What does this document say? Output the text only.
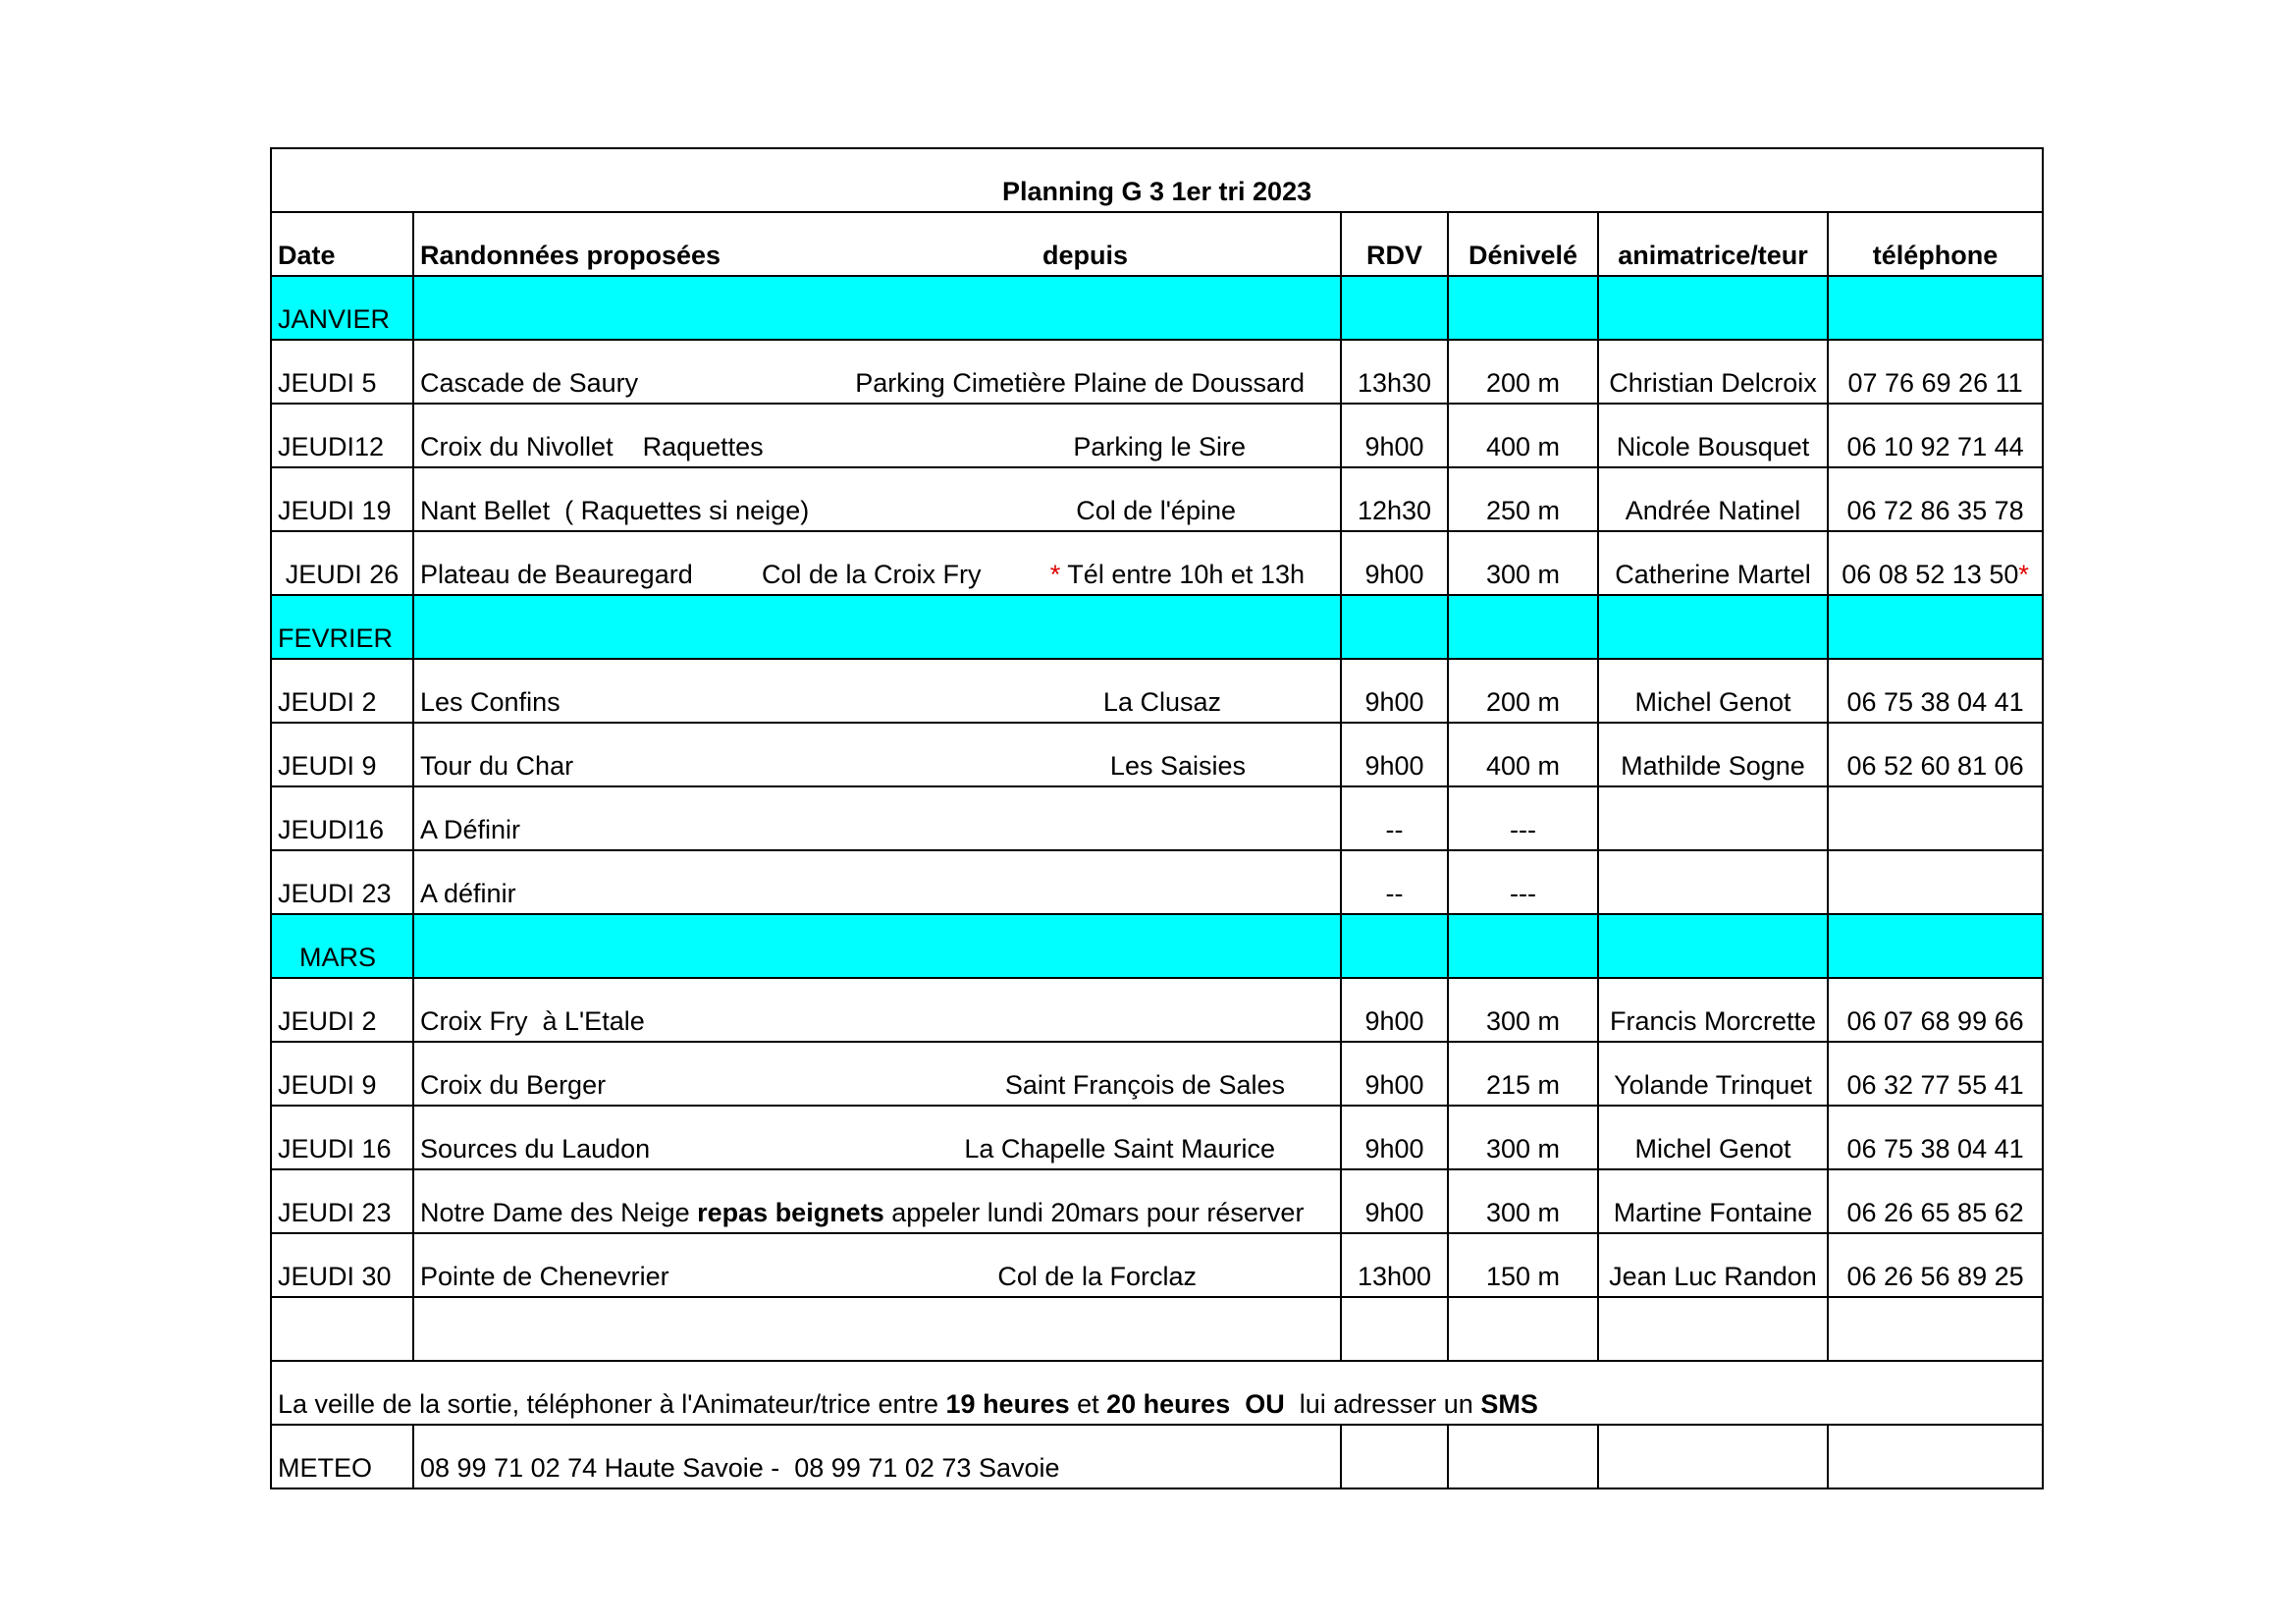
Planning G 3 1er tri 2023					
Date	Randonnées proposées depuis	RDV	Dénivelé	animatrice/teur	téléphone
JANVIER					
JEUDI 5	Cascade de Saury Parking Cimetière Plaine de Doussard	13h30	200 m	Christian Delcroix	07 76 69 26 11
JEUDI12	Croix du Nivollet    Raquettes Parking le Sire	9h00	400 m	Nicole Bousquet	06 10 92 71 44
JEUDI 19	Nant Bellet  ( Raquettes si neige) Col de l'épine	12h30	250 m	Andrée Natinel	06 72 86 35 78
JEUDI 26	Plateau de Beauregard Col de la Croix Fry * Tél entre 10h et 13h	9h00	300 m	Catherine Martel	06 08 52 13 50*
FEVRIER					
JEUDI 2	Les Confins La Clusaz	9h00	200 m	Michel Genot	06 75 38 04 41
JEUDI 9	Tour du Char Les Saisies	9h00	400 m	Mathilde Sogne	06 52 60 81 06
JEUDI16	A Définir	--	---		
JEUDI 23	A définir	--	---		
MARS					
JEUDI 2	Croix Fry  à L'Etale	9h00	300 m	Francis Morcrette	06 07 68 99 66
JEUDI 9	Croix du Berger Saint François de Sales	9h00	215 m	Yolande Trinquet	06 32 77 55 41
JEUDI 16	Sources du Laudon La Chapelle Saint Maurice	9h00	300 m	Michel Genot	06 75 38 04 41
JEUDI 23	Notre Dame des Neige repas beignets appeler lundi 20mars pour réserver	9h00	300 m	Martine Fontaine	06 26 65 85 62
JEUDI 30	Pointe de Chenevrier Col de la Forclaz	13h00	150 m	Jean Luc Randon	06 26 56 89 25

La veille de la sortie, téléphoner à l'Animateur/trice entre 19 heures et 20 heures  OU  lui adresser un SMS					
METEO	08 99 71 02 74 Haute Savoie -  08 99 71 02 73 Savoie				
